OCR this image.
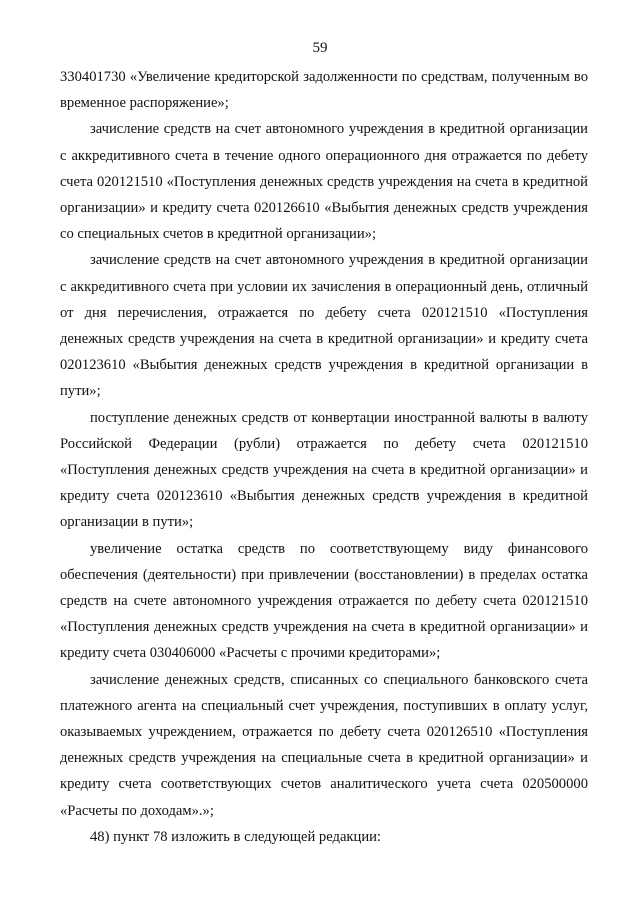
59

330401730 «Увеличение кредиторской задолженности по средствам, полученным во временное распоряжение»;

зачисление средств на счет автономного учреждения в кредитной организации с аккредитивного счета в течение одного операционного дня отражается по дебету счета 020121510 «Поступления денежных средств учреждения на счета в кредитной организации» и кредиту счета 020126610 «Выбытия денежных средств учреждения со специальных счетов в кредитной организации»;

зачисление средств на счет автономного учреждения в кредитной организации с аккредитивного счета при условии их зачисления в операционный день, отличный от дня перечисления, отражается по дебету счета 020121510 «Поступления денежных средств учреждения на счета в кредитной организации» и кредиту счета 020123610 «Выбытия денежных средств учреждения в кредитной организации в пути»;

поступление денежных средств от конвертации иностранной валюты в валюту Российской Федерации (рубли) отражается по дебету счета 020121510 «Поступления денежных средств учреждения на счета в кредитной организации» и кредиту счета 020123610 «Выбытия денежных средств учреждения в кредитной организации в пути»;

увеличение остатка средств по соответствующему виду финансового обеспечения (деятельности) при привлечении (восстановлении) в пределах остатка средств на счете автономного учреждения отражается по дебету счета 020121510 «Поступления денежных средств учреждения на счета в кредитной организации» и кредиту счета 030406000 «Расчеты с прочими кредиторами»;

зачисление денежных средств, списанных со специального банковского счета платежного агента на специальный счет учреждения, поступивших в оплату услуг, оказываемых учреждением, отражается по дебету счета 020126510 «Поступления денежных средств учреждения на специальные счета в кредитной организации» и кредиту счета соответствующих счетов аналитического учета счета 020500000 «Расчеты по доходам».»;

48) пункт 78 изложить в следующей редакции:
